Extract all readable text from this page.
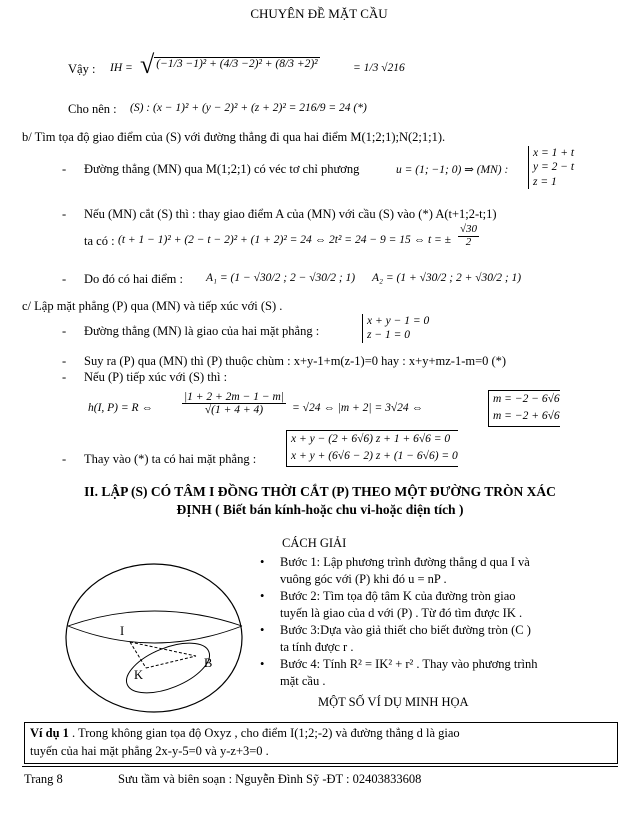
CHUYÊN ĐỀ MẶT CẦU
Vậy : IH = √ (−1/3 −1)² + (4/3 −2)² + (8/3 +2)²	= 1/3 √216
Cho nên : (S) : (x − 1)² + (y − 2)² + (z + 2)² = 216/9 = 24 (*)
b/ Tìm tọa độ giao điểm của (S) với đường thẳng đi qua hai điểm M(1;2;1);N(2;1;1).
- Đường thẳng (MN) qua M(1;2;1) có véc tơ chỉ phương	u = (1; −1; 0) ⇒ (MN) :
x = 1 + t
y = 2 − t
z = 1
- Nếu (MN) cắt (S) thì : thay giao điểm A của (MN) với cầu (S) vào (*) A(t+1;2-t;1)
ta có : (t + 1 − 1)² + (2 − t − 2)² + (1 + 2)² = 24 ⇔ 2t² = 24 − 9 = 15 ⇔ t = ± $\frac{√30}{2}$
- Do đó có hai điểm : A₁ = (1 − √30/2 ; 2 − √30/2 ; 1) A₂ = (1 + √30/2 ; 2 + √30/2 ; 1)
c/ Lập mặt phẳng (P) qua (MN) và tiếp xúc với (S) .
- Đường thẳng (MN) là giao của hai mặt phẳng :
x + y − 1 = 0
z − 1 = 0
- Suy ra (P) qua (MN) thì (P) thuộc chùm : x+y-1+m(z-1)=0 hay : x+y+mz-1-m=0 (*)
- Nếu (P) tiếp xúc với (S) thì :
h(I, P) = R ⇔	$\frac{|1 + 2 + 2m - 1 - m|}{√(1 + 4 + 4)} = √24$ ⇔ |m + 2| = 3√24 ⇔
m = −2 − 6√6
m = −2 + 6√6
- Thay vào (*) ta có hai mặt phẳng :
x + y − (2 + 6√6) z + 1 + 6√6 = 0
x + y + (6√6 − 2) z + (1 − 6√6) = 0
II. LẬP (S) CÓ TÂM I ĐỒNG THỜI CẮT (P) THEO MỘT ĐƯỜNG TRÒN XÁC
ĐỊNH ( Biết bán kính-hoặc chu vi-hoặc diện tích )
I
K
B
CÁCH GIẢI
• Bước 1: Lập phương trình đường thẳng d qua I và
vuông góc với (P) khi đó u = nP .
• Bước 2: Tìm tọa độ tâm K của đường tròn giao
tuyến là giao của d với (P) . Từ đó tìm được IK .
• Bước 3:Dựa vào giả thiết cho biết đường tròn (C )
ta tính được r .
• Bước 4: Tính R² = IK² + r² . Thay vào phương trình
mặt cầu .
MỘT SỐ VÍ DỤ MINH HỌA
Ví dụ 1 . Trong không gian tọa độ Oxyz , cho điểm I(1;2;-2) và đường thẳng d là giao
tuyến của hai mặt phẳng 2x-y-5=0 và y-z+3=0 .
Trang 8	Sưu tầm và biên soạn : Nguyễn Đình Sỹ -ĐT : 02403833608
